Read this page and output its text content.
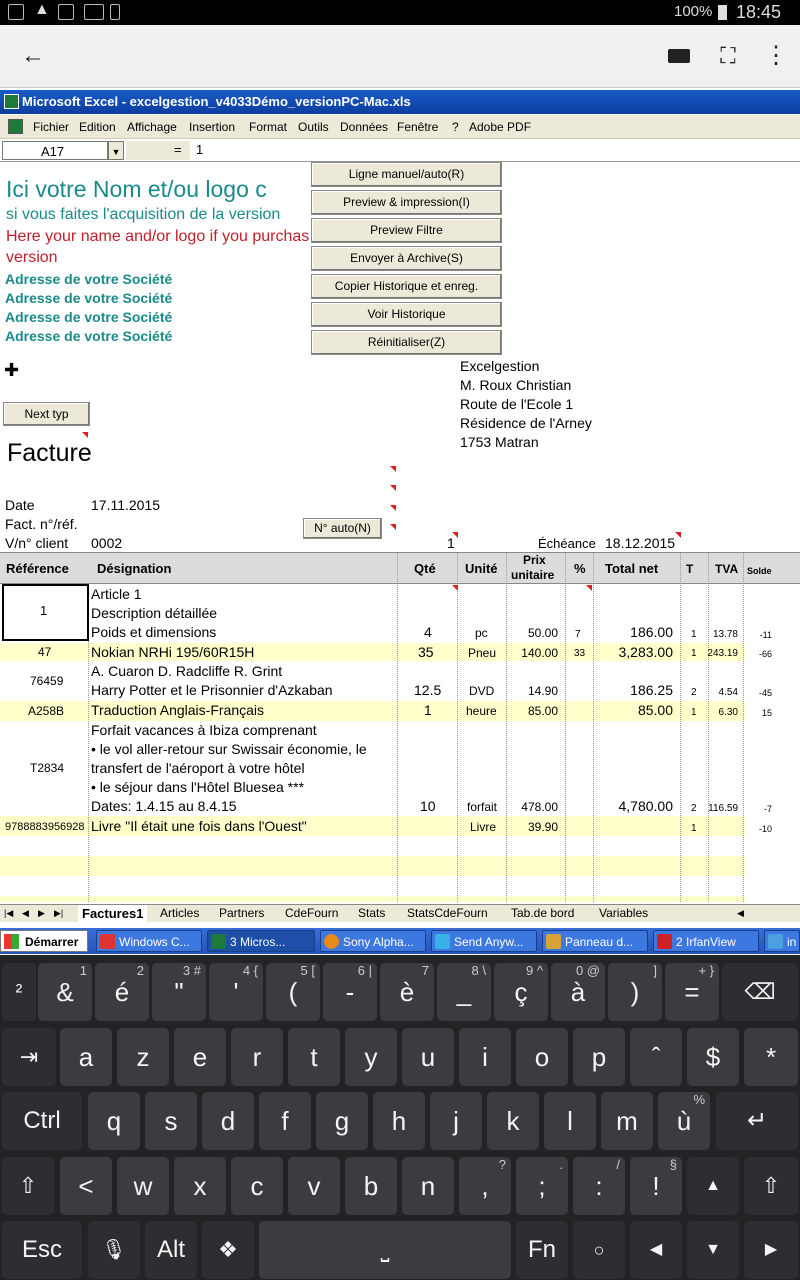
▲	100% 18:45
←	⛶ ⋮
Microsoft Excel - excelgestion_v4033Démo_versionPC-Mac.xls
Fichier Edition Affichage Insertion Format Outils Données Fenêtre ? Adobe PDF
A17	▼	= 1
Ici votre Nom et/ou logo c
si vous faites l'acquisition de la version
Here your name and/or logo if you purchas
version
Adresse de votre Société
Adresse de votre Société
Adresse de votre Société
Adresse de votre Société
Ligne manuel/auto(R)
Preview & impression(I)
Preview Filtre
Envoyer à Archive(S)
Copier Historique et enreg.
Voir Historique
Réinitialiser(Z)
✚	Excelgestion
M. Roux Christian
Route de l'Ecole 1
Résidence de l'Arney
1753 Matran
Next typ
Facture
Date	17.11.2015
Fact. n°/réf.
V/n° client 0002
N° auto(N)
1	Échéance 18.12.2015
Référence Désignation	Qté Unité
Prix
unitaire % Total net T TVA Solde
1
Article 1
Description détaillée
Poids et dimensions	4	pc	50.00 7	186.00 1 13.78	-11
47	Nokian NRHi 195/60R15H	35	Pneu	140.00 33	3,283.00 1 243.19	-66
76459
A. Cuaron D. Radcliffe R. Grint
Harry Potter et le Prisonnier d'Azkaban	12.5 DVD	14.90	186.25 2	4.54	-45
A258B Traduction Anglais-Français	1	heure	85.00	85.00 1	6.30	15
T2834
Forfait vacances à Ibiza comprenant
• le vol aller-retour sur Swissair économie, le
transfert de l'aéroport à votre hôtel
• le séjour dans l'Hôtel Bluesea ***
Dates: 1.4.15 au 8.4.15	10	forfait	478.00	4,780.00 2 116.59	-7
9788883956928 Livre "Il était une fois dans l'Ouest"	Livre	39.90	1	-10
|◀ ◀ ▶ ▶|	Factures1	Articles Partners CdeFourn Stats StatsCdeFourn Tab.de bord Variables	◀
Démarrer	Windows C...	3 Micros...	Sony Alpha...	Send Anyw...	Panneau d...	2 IrfanView	in
²	&
1
é
2
"
3 #
'
4 {
(
5 [
-
6 |
è
7
_
8 \
ç
9 ^
à
0 @
)
]
=
+ }
⌫
⇥	a	z	e	r	t	y	u	i	o	p	$	*
Ctrl	q	s	d	f	g	h	j	k	l	m	ù
%
↵
⇧	<	w	x	c	v	b	n	,
?
;
.
:
/
!
§
▲	⇧
Esc	🎙	Alt	❖	⎵	Fn	○	◀	▼	▶
